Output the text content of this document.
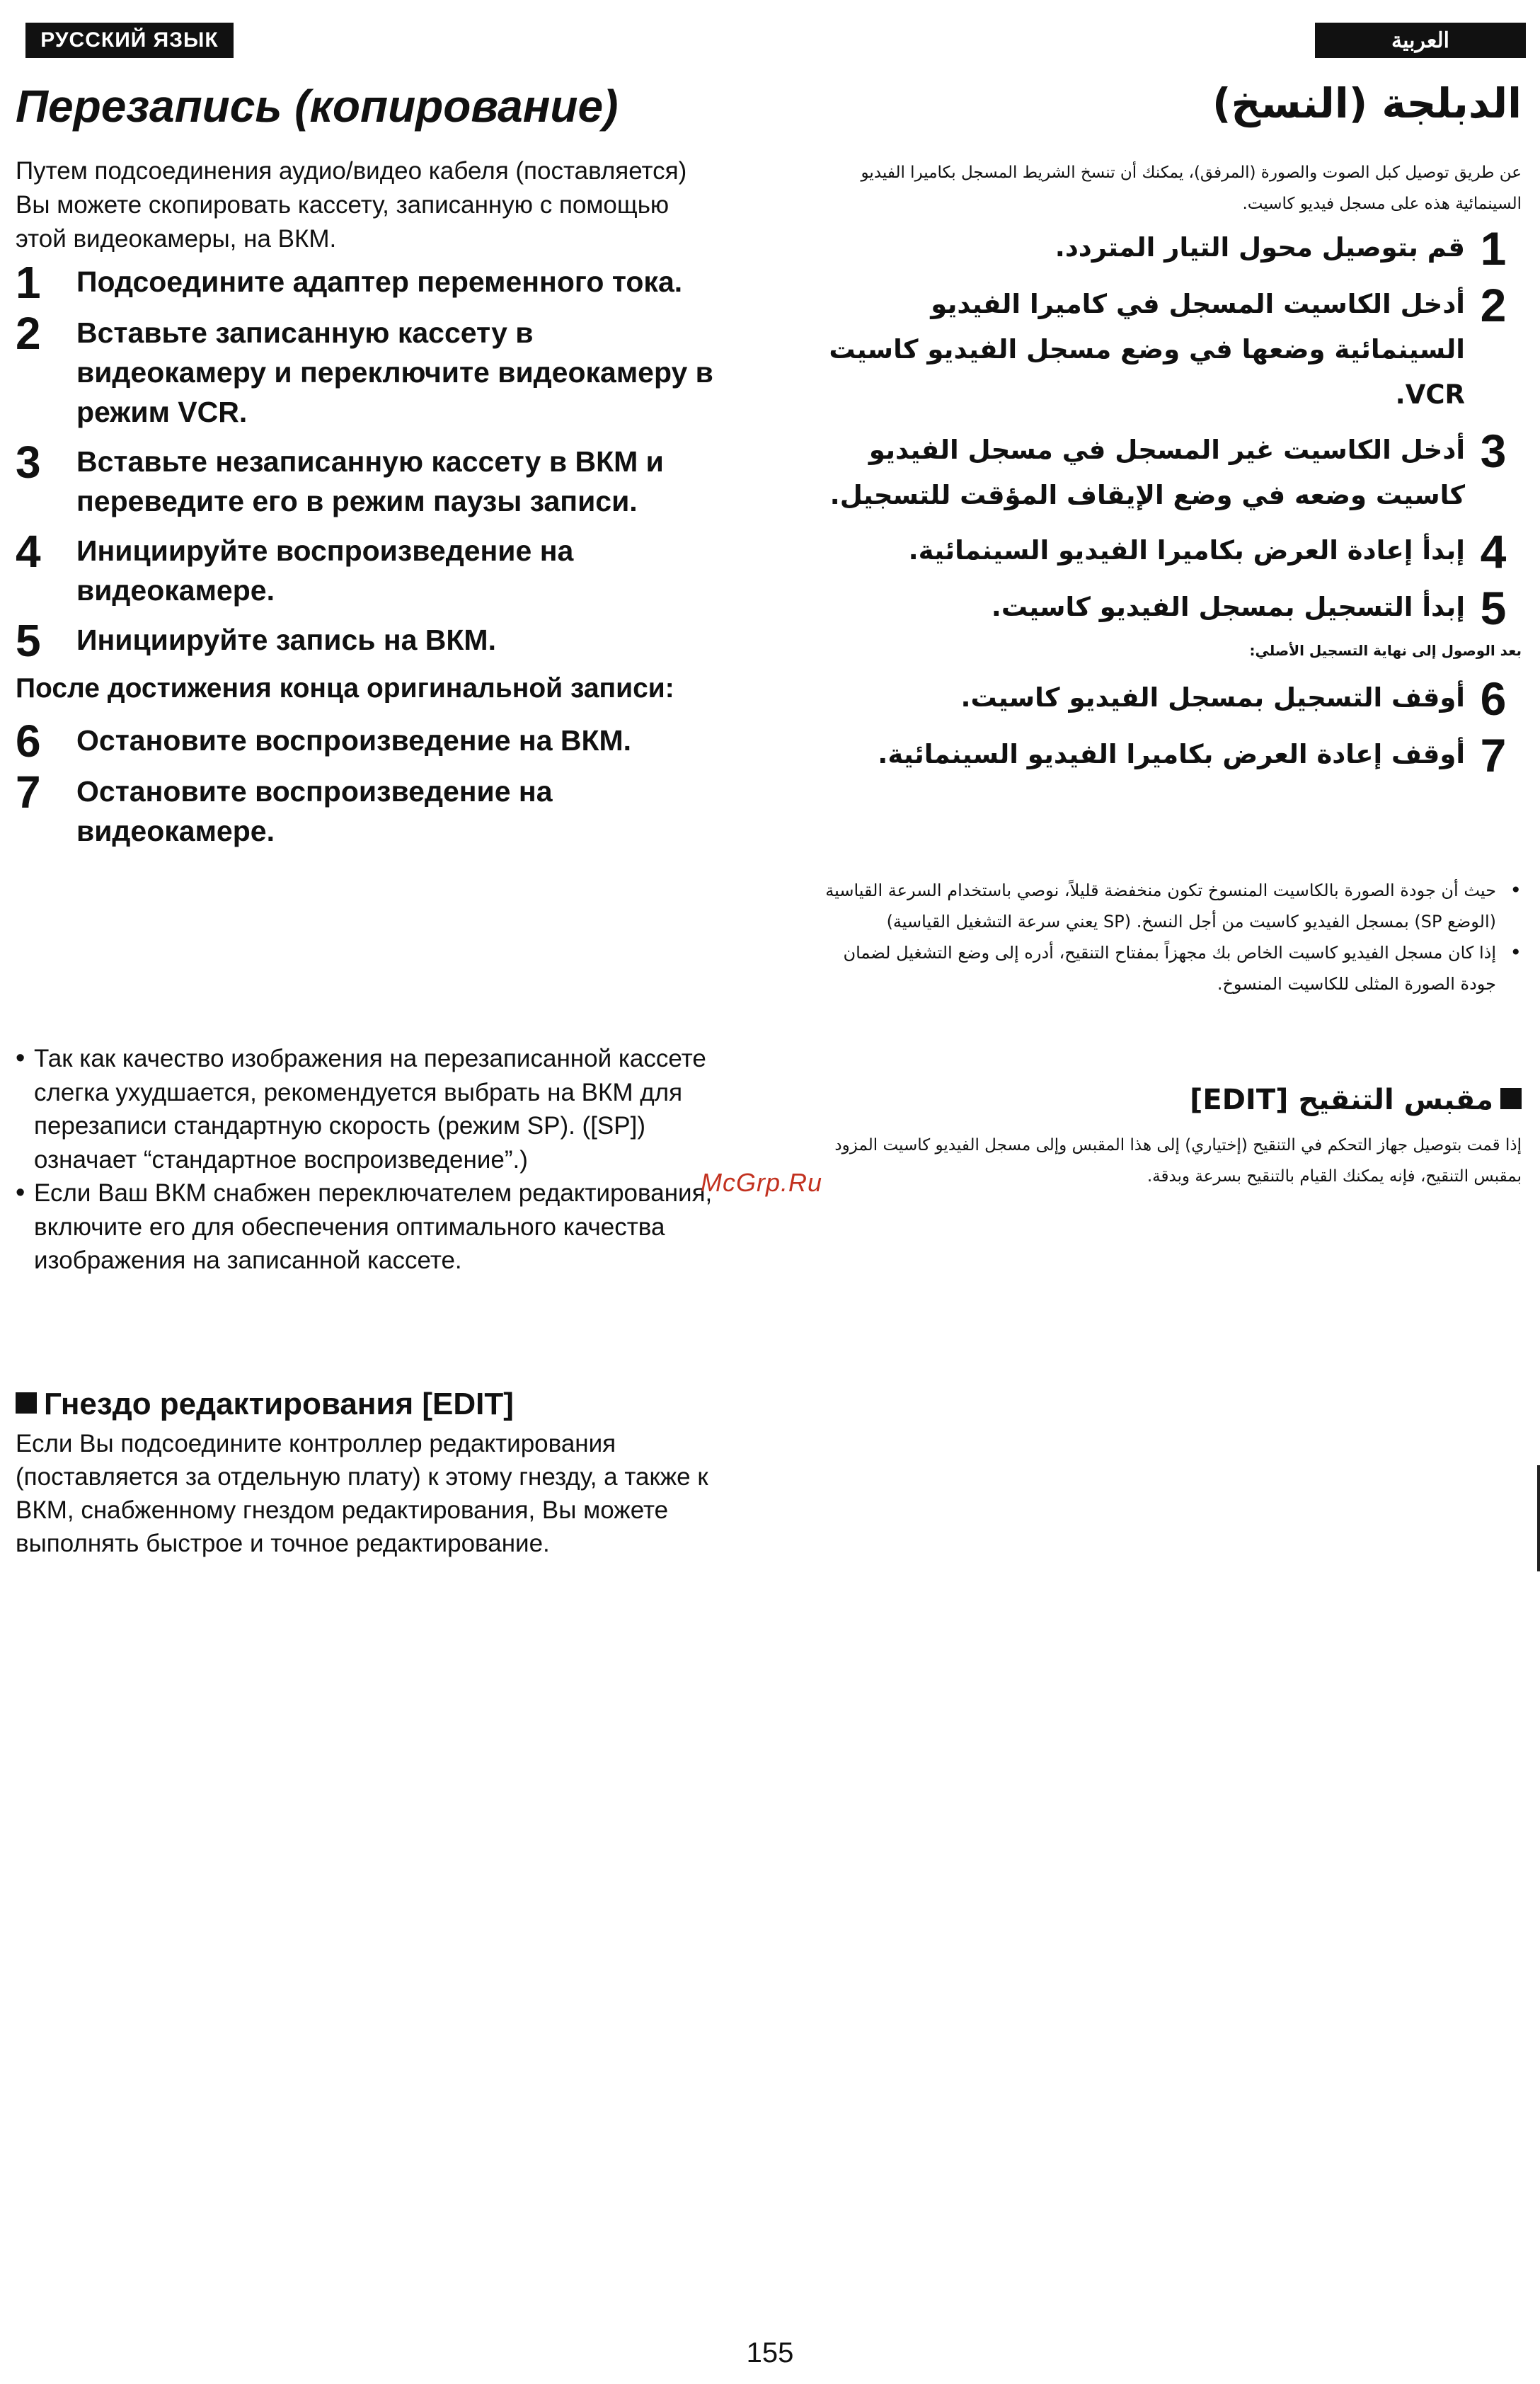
РУССКИЙ ЯЗЫК	العربية
Перезапись (копирование)

Путем подсоединения аудио/видео кабеля (поставляется) Вы можете скопировать кассету, записанную с помощью этой видеокамеры, на ВКМ.

1	Подсоедините адаптер переменного тока.
2	Вставьте записанную кассету в видеокамеру и переключите видеокамеру в режим VCR.
3	Вставьте незаписанную кассету в ВКМ и переведите его в режим паузы записи.
4	Инициируйте воспроизведение на видеокамере.
5	Инициируйте запись на ВКМ.
После достижения конца оригинальной записи:
6	Остановите воспроизведение на ВКМ.
7	Остановите воспроизведение на видеокамере.
• Так как качество изображения на перезаписанной кассете слегка ухудшается, рекомендуется выбрать на ВКМ для перезаписи стандартную скорость (режим SP). ([SP]) означает “стандартное воспроизведение”.)
• Если Ваш ВКМ снабжен переключателем редактирования, включите его для обеспечения оптимального качества изображения на записанной кассете.
Гнездо редактирования [EDIT]

Если Вы подсоедините контроллер редактирования (поставляется за отдельную плату) к этому гнезду, а также к ВКМ, снабженному гнездом редактирования, Вы можете выполнять быстрое и точное редактирование.

الدبلجة (النسخ)

عن طريق توصيل كبل الصوت والصورة (المرفق)، يمكنك أن تنسخ الشريط المسجل بكاميرا الفيديو السينمائية هذه على مسجل فيديو كاسيت.

1
قم بتوصيل محول التيار المتردد.
2
أدخل الكاسيت المسجل في كاميرا الفيديو السينمائية وضعها في وضع مسجل الفيديو كاسيت VCR.
3
أدخل الكاسيت غير المسجل في مسجل الفيديو كاسيت وضعه في وضع الإيقاف المؤقت للتسجيل.
4
إبدأ إعادة العرض بكاميرا الفيديو السينمائية.
5
إبدأ التسجيل بمسجل الفيديو كاسيت.
بعد الوصول إلى نهاية التسجيل الأصلي:
6
أوقف التسجيل بمسجل الفيديو كاسيت.
7
أوقف إعادة العرض بكاميرا الفيديو السينمائية.
• حيث أن جودة الصورة بالكاسيت المنسوخ تكون منخفضة قليلاً، نوصي باستخدام السرعة القياسية (الوضع SP) بمسجل الفيديو كاسيت من أجل النسخ. (SP يعني سرعة التشغيل القياسية)
• إذا كان مسجل الفيديو كاسيت الخاص بك مجهزاً بمفتاح التنقيح، أدره إلى وضع التشغيل لضمان جودة الصورة المثلى للكاسيت المنسوخ.
مقبس التنقيح [EDIT]

إذا قمت بتوصيل جهاز التحكم في التنقيح (إختياري) إلى هذا المقبس وإلى مسجل الفيديو كاسيت المزود بمقبس التنقيح، فإنه يمكنك القيام بالتنقيح بسرعة وبدقة.

McGrp.Ru
155
